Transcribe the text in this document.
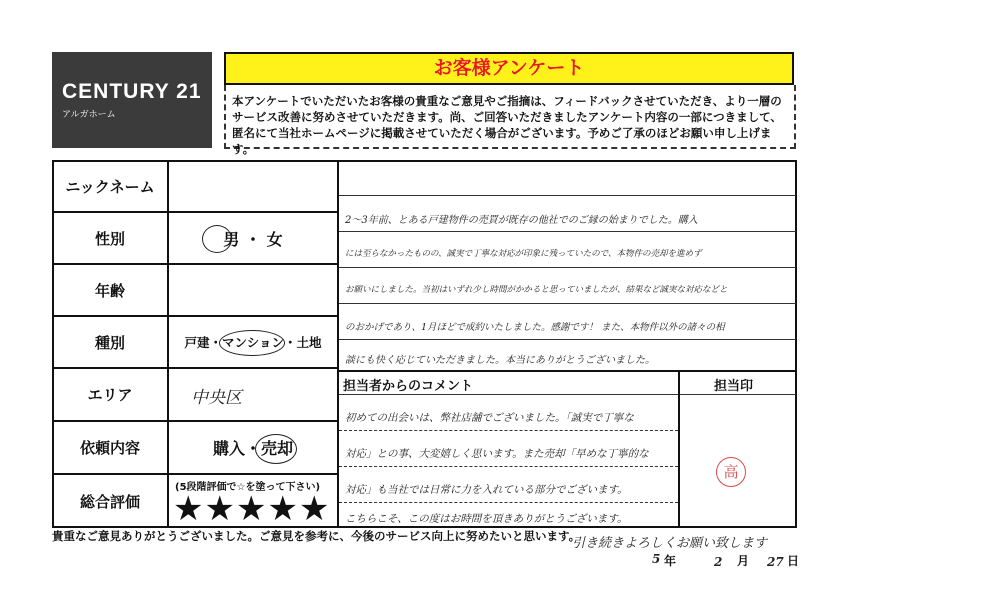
CENTURY 21
アルガホーム
お客様アンケート
本アンケートでいただいたお客様の貴重なご意見やご指摘は、フィードバックさせていただき、より一層のサービス改善に努めさせていただきます。尚、ご回答いただきましたアンケート内容の一部につきまして、匿名にて当社ホームページに掲載させていただく場合がございます。予めご了承のほどお願い申し上げます。
ニックネーム
性別
年齢
種別
エリア
依頼内容
総合評価
男 ・ 女
戸建・マンション・土地
中央区
購入・売却
(5段階評価で☆を塗って下さい)
★★★★★
2〜3年前、とある戸建物件の売買が既存の他社でのご縁の始まりでした。購入
には至らなかったものの、誠実で丁寧な対応が印象に残っていたので、本物件の売却を進めず
お願いにしました。当初はいずれ少し時間がかかると思っていましたが、結果など誠実な対応などと
のおかげであり、1月ほどで成約いたしました。感謝です！ また、本物件以外の諸々の相
談にも快く応じていただきました。本当にありがとうございました。
担当者からのコメント
初めての出会いは、弊社店舗でございました。「誠実で丁寧な
対応」との事、大変嬉しく思います。また売却「早めな丁寧的な
対応」も当社では日常に力を入れている部分でございます。
こちらこそ、この度はお時間を頂きありがとうございます。
担当印
高
引き続きよろしくお願い致します
5 年	2 月 27 日
貴重なご意見ありがとうございました。ご意見を参考に、今後のサービス向上に努めたいと思います。
